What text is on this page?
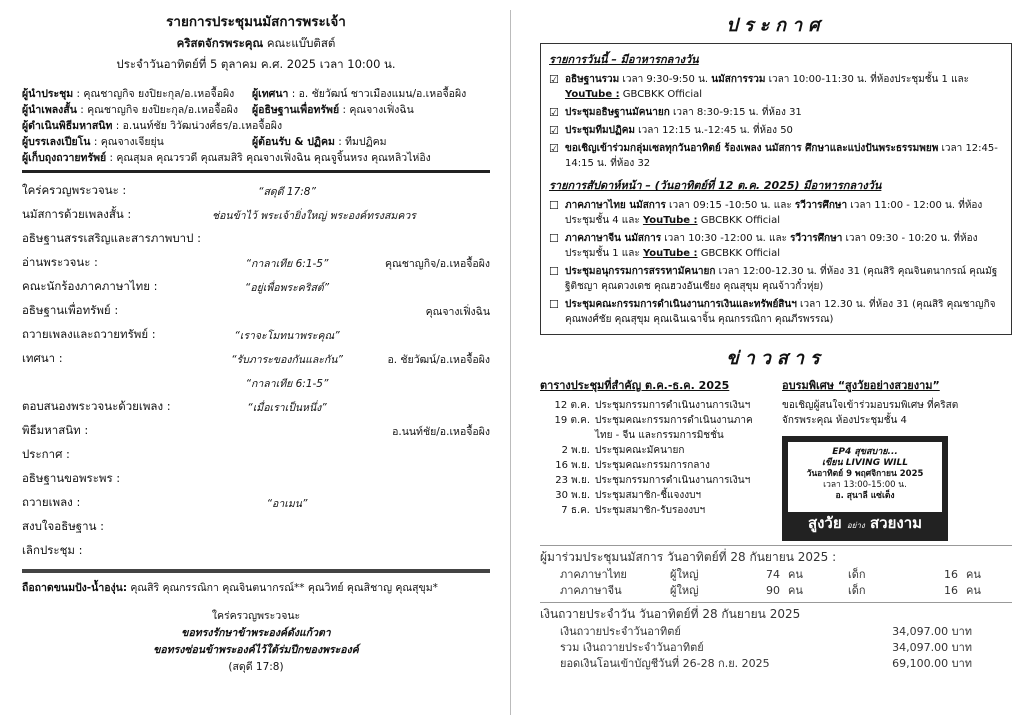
รายการประชุมนมัสการพระเจ้า
คริสตจักรพระคุณ คณะแบ๊บติสต์
ประจำวันอาทิตย์ที่ 5 ตุลาคม ค.ศ. 2025 เวลา 10:00 น.
ผู้นำประชุม : คุณชาญกิจ ยงปิยะกุล/อ.เหอจื้อผิง	ผู้เทศนา : อ. ชัยวัฒน์ ชาวเมืองแมน/อ.เหอจื้อผิง
ผู้นำเพลงสั้น : คุณชาญกิจ ยงปิยะกุล/อ.เหอจื้อผิง	ผู้อธิษฐานเพื่อทรัพย์ : คุณจางเฟิ่งฉิน
ผู้ดำเนินพิธีมหาสนิท : อ.นนท์ชัย วิวัฒน่วงศ์ธร/อ.เหอจื้อผิง
ผู้บรรเลงเปียโน : คุณจางเจียยุ่น	ผู้ต้อนรับ & ปฏิคม : ทีมปฏิคม
ผู้เก็บถุงถวายทรัพย์ : คุณสุมล คุณวรวดี คุณสมสิริ คุณจางเฟิ่งฉิน คุณจูจิ้นหรง คุณหลิวไห่อิง
ใคร่ครวญพระวจนะ :	“สดุดี 17:8”
นมัสการด้วยเพลงสั้น :	ช่อนข้าไว้ พระเจ้ายิ่งใหญ่ พระองค์ทรงสมควร
อธิษฐานสรรเสริญและสารภาพบาป :
อ่านพระวจนะ :	“กาลาเทีย 6:1-5”	คุณชาญกิจ/อ.เหอจื้อผิง
คณะนักร้องภาคภาษาไทย :	“อยู่เพื่อพระคริสต์”
อธิษฐานเพื่อทรัพย์ :	คุณจางเฟิ่งฉิน
ถวายเพลงและถวายทรัพย์ :	“เราจะโมทนาพระคุณ”
เทศนา :	“รับภาระของกันและกัน”	อ. ชัยวัฒน์/อ.เหอจื้อผิง
“กาลาเทีย 6:1-5”
ตอบสนองพระวจนะด้วยเพลง :	“เมื่อเราเป็นหนึ่ง”
พิธีมหาสนิท :	อ.นนท์ชัย/อ.เหอจื้อผิง
ประกาศ :
อธิษฐานขอพระพร :
ถวายเพลง :	“อาเมน”
สงบใจอธิษฐาน :
เลิกประชุม :
ถือถาดขนมปัง-น้ำองุ่น: คุณสิริ คุณกรรณิกา คุณจินตนากรณ์** คุณวิทย์ คุณสิชาญ คุณสุขุม*
ใคร่ครวญพระวจนะ
ขอทรงรักษาข้าพระองค์ดังแก้วตา
ขอทรงซ่อนข้าพระองค์ไว้ใต้ร่มปีกของพระองค์
(สดุดี 17:8)
ประกาศ
รายการวันนี้ – มีอาหารกลางวัน
☑ อธิษฐานรวม เวลา 9:30-9:50 น. นมัสการรวม เวลา 10:00-11:30 น. ที่ห้องประชุมชั้น 1 และ YouTube : GBCBKK Official
☑ ประชุมอธิษฐานมัคนายก เวลา 8:30-9:15 น. ที่ห้อง 31
☑ ประชุมทีมปฏิคม เวลา 12:15 น.-12:45 น. ที่ห้อง 50
☑ ขอเชิญเข้าร่วมกลุ่มเซลทุกวันอาทิตย์ ร้องเพลง นมัสการ ศึกษาและแบ่งปันพระธรรมพยพ เวลา 12:45-14:15 น. ที่ห้อง 32
รายการสัปดาห์หน้า – (วันอาทิตย์ที่ 12 ต.ค. 2025) มีอาหารกลางวัน
☐ ภาคภาษาไทย นมัสการ เวลา 09:15 -10:50 น. และ รวีวารศึกษา เวลา 11:00 - 12:00 น. ที่ห้องประชุมชั้น 4 และ YouTube : GBCBKK Official
☐ ภาคภาษาจีน นมัสการ เวลา 10:30 -12:00 น. และ รวีวารศึกษา เวลา 09:30 - 10:20 น. ที่ห้องประชุมชั้น 1 และ YouTube : GBCBKK Official
☐ ประชุมอนุกรรมการสรรหามัคนายก เวลา 12:00-12.30 น. ที่ห้อง 31 (คุณสิริ คุณจินตนากรณ์ คุณมัฐฐิติชญา คุณดวงเดช คุณฮวงอันเซียง คุณสุขุม คุณจ้าวกั๋วหุ่ย)
☐ ประชุมคณะกรรมการดำเนินงานการเงินและทรัพย์สินฯ เวลา 12.30 น. ที่ห้อง 31 (คุณสิริ คุณชาญกิจ คุณพงศ์ชัย คุณสุขุม คุณเฉินเฉาจิ้น คุณกรรณิกา คุณภีรพรรณ)
ข่าวสาร
ตารางประชุมที่สำคัญ ต.ค.-ธ.ค. 2025
12 ต.ค. ประชุมกรรมการดำเนินงานการเงินฯ
19 ต.ค. ประชุมคณะกรรมการดำเนินงานภาคไทย - จีน และกรรมการมิชชั่น
2 พ.ย. ประชุมคณะมัคนายก
16 พ.ย. ประชุมคณะกรรมการกลาง
23 พ.ย. ประชุมกรรมการดำเนินงานการเงินฯ
30 พ.ย. ประชุมสมาชิก-ชี้แจงงบฯ
7 ธ.ค. ประชุมสมาชิก-รับรองงบฯ
อบรมพิเศษ “สูงวัยอย่างสวยงาม”
ขอเชิญผู้สนใจเข้าร่วมอบรมพิเศษ ที่คริสตจักรพระคุณ ห้องประชุมชั้น 4
EP4 สุขสบาย...
เขียน LIVING WILL
วันอาทิตย์ 9 พฤศจิกายน 2025
เวลา 13:00-15:00 น.
อ. สุนาลี แซ่เต็ง
สูงวัย อย่าง สวยงาม
ผู้มาร่วมประชุมนมัสการ วันอาทิตย์ที่ 28 กันยายน 2025 :
ภาคภาษาไทย	ผู้ใหญ่	74 คน	เด็ก	16 คน
ภาคภาษาจีน	ผู้ใหญ่	90 คน	เด็ก	16 คน
เงินถวายประจำวัน วันอาทิตย์ที่ 28 กันยายน 2025
เงินถวายประจำวันอาทิตย์	34,097.00 บาท
รวม เงินถวายประจำวันอาทิตย์	34,097.00 บาท
ยอดเงินโอนเข้าบัญชีวันที่ 26-28 ก.ย. 2025	69,100.00 บาท
